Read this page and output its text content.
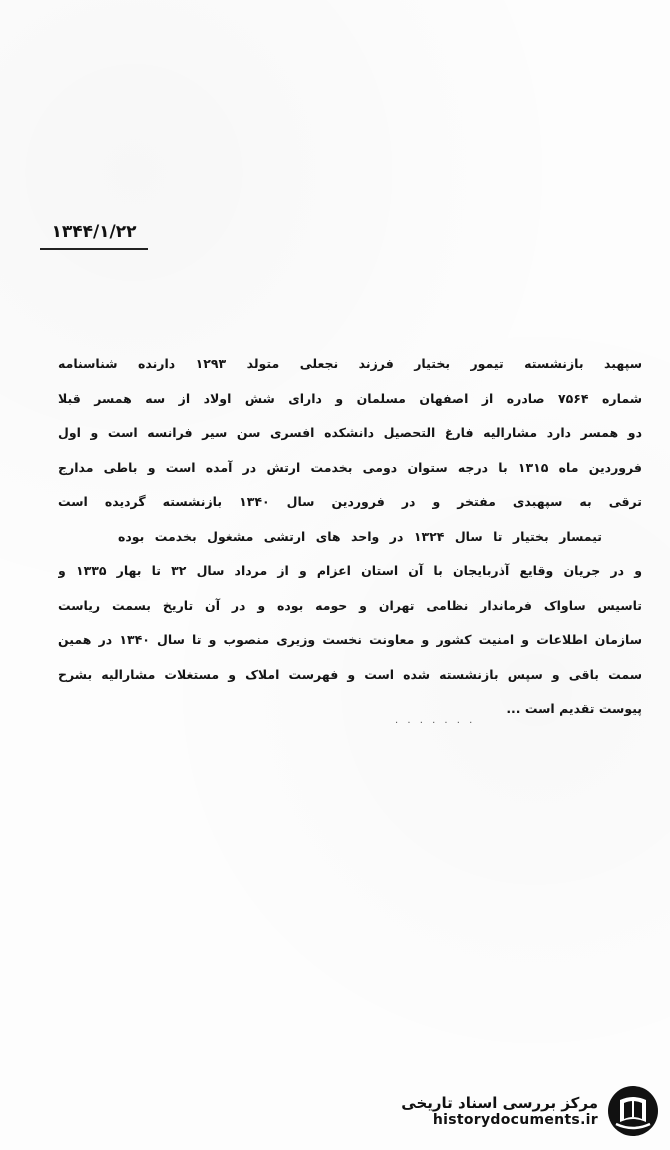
۱۳۴۴/۱/۲۲
سپهبد بازنشسته تیمور بختیار فرزند نجعلی متولد ۱۲۹۳ دارنده شناسنامه
شماره ۷۵۶۴ صادره از اصفهان مسلمان و دارای شش اولاد از سه همسر قبلا
دو همسر دارد مشارالیه فارغ التحصیل دانشکده افسری سن سیر فرانسه است و اول
فروردین ماه ۱۳۱۵ با درجه ستوان دومی بخدمت ارتش در آمده است و باطی مدارج
ترقی به سپهبدی مفتخر و در فروردین سال ۱۳۴۰ بازنشسته گردیده است
تیمسار بختیار تا سال ۱۳۲۴ در واحد های ارتشی مشغول بخدمت بوده
و در جریان وقایع آذربایجان با آن استان اعزام و از مرداد سال ۳۲ تا بهار ۱۳۳۵ و
تاسیس ساواک فرماندار نظامی تهران و حومه بوده و در آن تاریخ بسمت ریاست
سازمان اطلاعات و امنیت کشور و معاونت نخست وزیری منصوب و تا سال ۱۳۴۰ در همین
سمت باقی و سپس بازنشسته شده است و فهرست املاک و مستغلات مشارالیه بشرح
پیوست تقدیم است ...
. . . . . . .
مرکز بررسی اسناد تاریخی
historydocuments.ir
